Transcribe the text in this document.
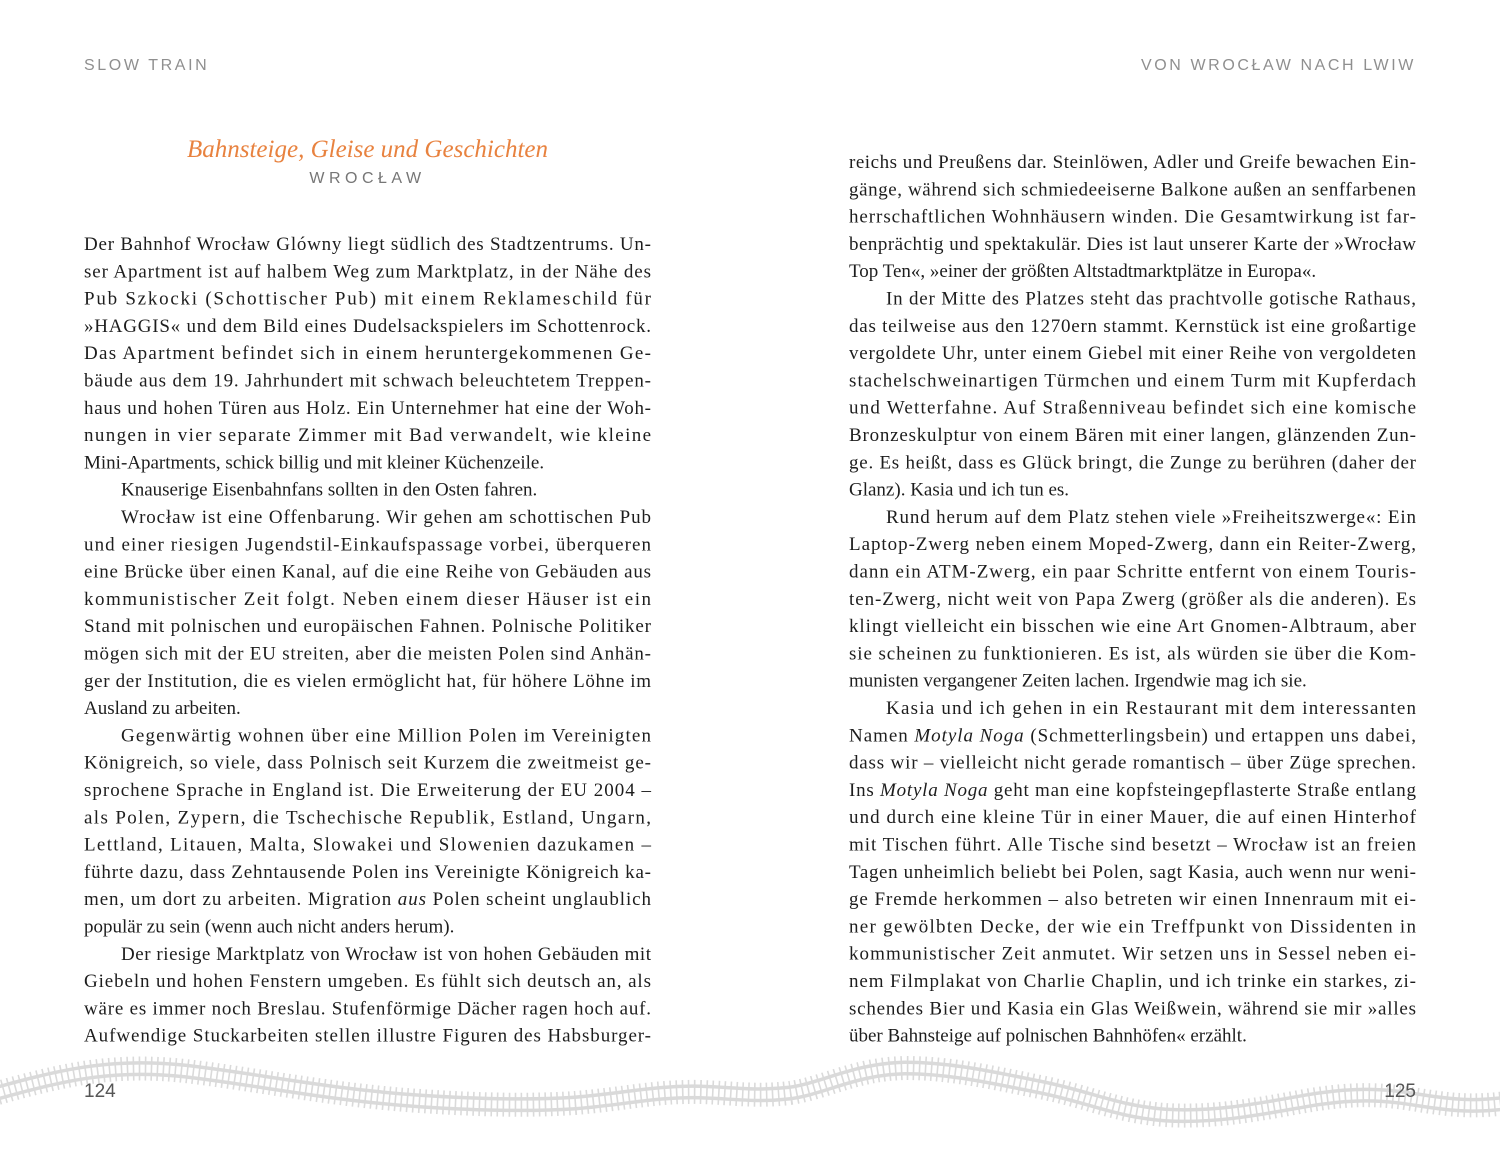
SLOW TRAIN	VON WROCŁAW NACH LWIW
Bahnsteige, Gleise und Geschichten
WROCŁAW
Der Bahnhof Wrocław Glówny liegt südlich des Stadtzentrums. Un-
ser Apartment ist auf halbem Weg zum Marktplatz, in der Nähe des
Pub Szkocki (Schottischer Pub) mit einem Reklameschild für
»HAGGIS« und dem Bild eines Dudelsackspielers im Schottenrock.
Das Apartment befindet sich in einem heruntergekommenen Ge-
bäude aus dem 19. Jahrhundert mit schwach beleuchtetem Treppen-
haus und hohen Türen aus Holz. Ein Unternehmer hat eine der Woh-
nungen in vier separate Zimmer mit Bad verwandelt, wie kleine
Mini-Apartments, schick billig und mit kleiner Küchenzeile.
Knauserige Eisenbahnfans sollten in den Osten fahren.
Wrocław ist eine Offenbarung. Wir gehen am schottischen Pub
und einer riesigen Jugendstil-Einkaufspassage vorbei, überqueren
eine Brücke über einen Kanal, auf die eine Reihe von Gebäuden aus
kommunistischer Zeit folgt. Neben einem dieser Häuser ist ein
Stand mit polnischen und europäischen Fahnen. Polnische Politiker
mögen sich mit der EU streiten, aber die meisten Polen sind Anhän-
ger der Institution, die es vielen ermöglicht hat, für höhere Löhne im
Ausland zu arbeiten.
Gegenwärtig wohnen über eine Million Polen im Vereinigten
Königreich, so viele, dass Polnisch seit Kurzem die zweitmeist ge-
sprochene Sprache in England ist. Die Erweiterung der EU 2004 –
als Polen, Zypern, die Tschechische Republik, Estland, Ungarn,
Lettland, Litauen, Malta, Slowakei und Slowenien dazukamen –
führte dazu, dass Zehntausende Polen ins Vereinigte Königreich ka-
men, um dort zu arbeiten. Migration aus Polen scheint unglaublich
populär zu sein (wenn auch nicht anders herum).
Der riesige Marktplatz von Wrocław ist von hohen Gebäuden mit
Giebeln und hohen Fenstern umgeben. Es fühlt sich deutsch an, als
wäre es immer noch Breslau. Stufenförmige Dächer ragen hoch auf.
Aufwendige Stuckarbeiten stellen illustre Figuren des Habsburger-
reichs und Preußens dar. Steinlöwen, Adler und Greife bewachen Ein-
gänge, während sich schmiedeeiserne Balkone außen an senffarbenen
herrschaftlichen Wohnhäusern winden. Die Gesamtwirkung ist far-
benprächtig und spektakulär. Dies ist laut unserer Karte der »Wrocław
Top Ten«, »einer der größten Altstadtmarktplätze in Europa«.
In der Mitte des Platzes steht das prachtvolle gotische Rathaus,
das teilweise aus den 1270ern stammt. Kernstück ist eine großartige
vergoldete Uhr, unter einem Giebel mit einer Reihe von vergoldeten
stachelschweinartigen Türmchen und einem Turm mit Kupferdach
und Wetterfahne. Auf Straßenniveau befindet sich eine komische
Bronzeskulptur von einem Bären mit einer langen, glänzenden Zun-
ge. Es heißt, dass es Glück bringt, die Zunge zu berühren (daher der
Glanz). Kasia und ich tun es.
Rund herum auf dem Platz stehen viele »Freiheitszwerge«: Ein
Laptop-Zwerg neben einem Moped-Zwerg, dann ein Reiter-Zwerg,
dann ein ATM-Zwerg, ein paar Schritte entfernt von einem Touris-
ten-Zwerg, nicht weit von Papa Zwerg (größer als die anderen). Es
klingt vielleicht ein bisschen wie eine Art Gnomen-Albtraum, aber
sie scheinen zu funktionieren. Es ist, als würden sie über die Kom-
munisten vergangener Zeiten lachen. Irgendwie mag ich sie.
Kasia und ich gehen in ein Restaurant mit dem interessanten
Namen Motyla Noga (Schmetterlingsbein) und ertappen uns dabei,
dass wir – vielleicht nicht gerade romantisch – über Züge sprechen.
Ins Motyla Noga geht man eine kopfsteingepflasterte Straße entlang
und durch eine kleine Tür in einer Mauer, die auf einen Hinterhof
mit Tischen führt. Alle Tische sind besetzt – Wrocław ist an freien
Tagen unheimlich beliebt bei Polen, sagt Kasia, auch wenn nur weni-
ge Fremde herkommen – also betreten wir einen Innenraum mit ei-
ner gewölbten Decke, der wie ein Treffpunkt von Dissidenten in
kommunistischer Zeit anmutet. Wir setzen uns in Sessel neben ei-
nem Filmplakat von Charlie Chaplin, und ich trinke ein starkes, zi-
schendes Bier und Kasia ein Glas Weißwein, während sie mir »alles
über Bahnsteige auf polnischen Bahnhöfen« erzählt.
124	125
